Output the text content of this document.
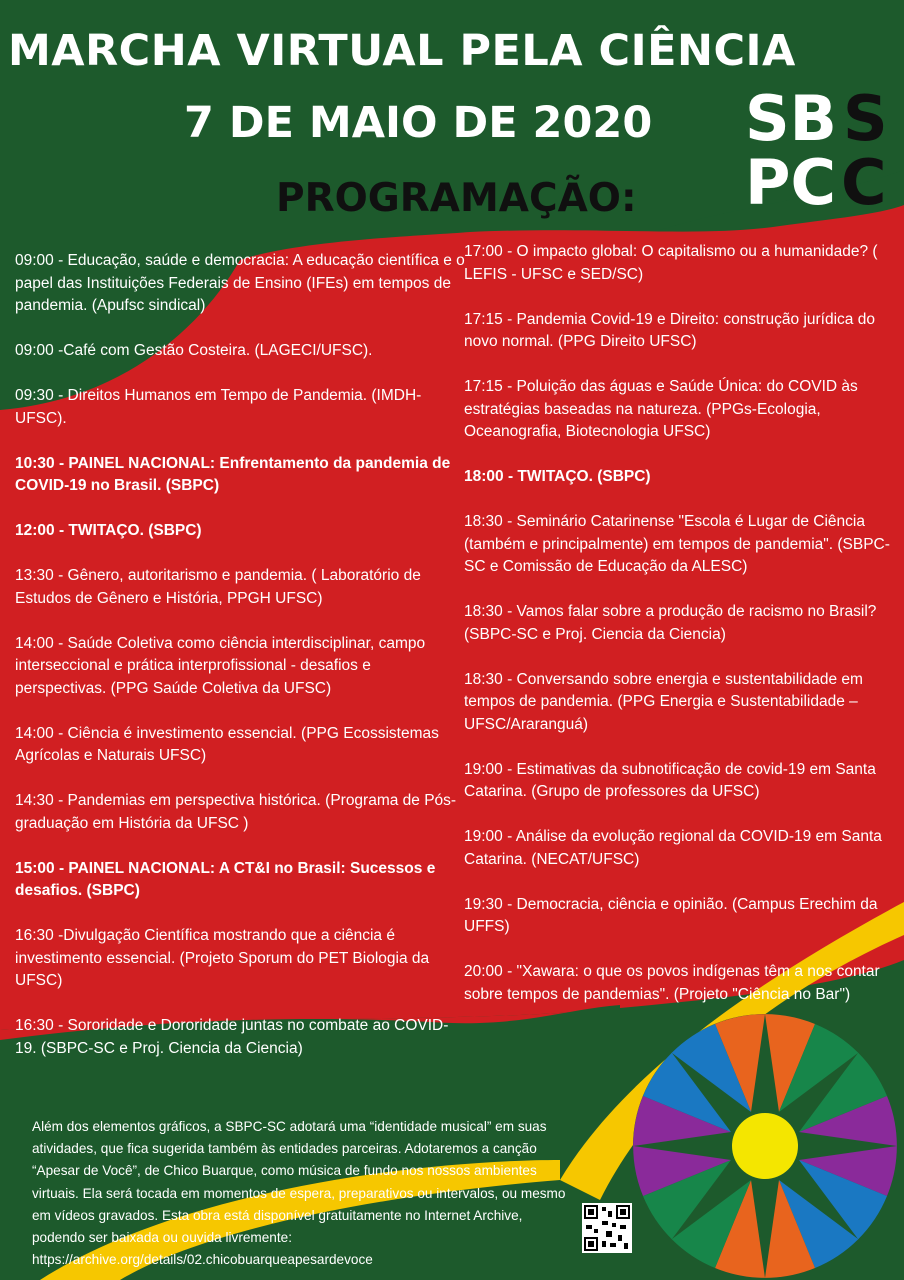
MARCHA VIRTUAL PELA CIÊNCIA
7 DE MAIO DE 2020
PROGRAMAÇÃO:
SB S
PC C

09:00 - Educação, saúde e democracia: A educação científica e o papel das Instituições Federais de Ensino (IFEs) em tempos de pandemia. (Apufsc sindical)

09:00 -Café com Gestão Costeira. (LAGECI/UFSC).

09:30 - Direitos Humanos em Tempo de Pandemia. (IMDH-UFSC).

10:30 - PAINEL NACIONAL: Enfrentamento da pandemia de COVID-19 no Brasil. (SBPC)

12:00 - TWITAÇO. (SBPC)

13:30 - Gênero, autoritarismo e pandemia. ( Laboratório de Estudos de Gênero e História, PPGH UFSC)

14:00 - Saúde Coletiva como ciência interdisciplinar, campo interseccional e prática interprofissional - desafios e perspectivas. (PPG Saúde Coletiva da UFSC)

14:00 - Ciência é investimento essencial. (PPG Ecossistemas Agrícolas e Naturais UFSC)

14:30 - Pandemias em perspectiva histórica. (Programa de Pós-graduação em História da UFSC )

15:00 - PAINEL NACIONAL: A CT&I no Brasil: Sucessos e desafios. (SBPC)

16:30 -Divulgação Científica mostrando que a ciência é investimento essencial. (Projeto Sporum do PET Biologia da UFSC)

16:30 - Sororidade e Dororidade juntas no combate ao COVID-19. (SBPC-SC e Proj. Ciencia da Ciencia)

17:00 - O impacto global: O capitalismo ou a humanidade? ( LEFIS - UFSC e SED/SC)

17:15 - Pandemia Covid-19 e Direito: construção jurídica do novo normal. (PPG Direito UFSC)

17:15 - Poluição das águas e Saúde Única: do COVID às estratégias baseadas na natureza. (PPGs-Ecologia, Oceanografia, Biotecnologia UFSC)

18:00 - TWITAÇO. (SBPC)

18:30 - Seminário Catarinense "Escola é Lugar de Ciência (também e principalmente) em tempos de pandemia". (SBPC-SC e Comissão de Educação da ALESC)

18:30 - Vamos falar sobre a produção de racismo no Brasil? (SBPC-SC e Proj. Ciencia da Ciencia)

18:30 - Conversando sobre energia e sustentabilidade em tempos de pandemia. (PPG Energia e Sustentabilidade – UFSC/Araranguá)

19:00 - Estimativas da subnotificação de covid-19 em Santa Catarina. (Grupo de professores da UFSC)

19:00 - Análise da evolução regional da COVID-19 em Santa Catarina. (NECAT/UFSC)

19:30 - Democracia, ciência e opinião. (Campus Erechim da UFFS)

20:00 - "Xawara: o que os povos indígenas têm a nos contar sobre tempos de pandemias". (Projeto "Ciência no Bar")

Além dos elementos gráficos, a SBPC-SC adotará uma “identidade musical” em suas atividades, que fica sugerida também às entidades parceiras. Adotaremos a canção “Apesar de Você”, de Chico Buarque, como música de fundo nos nossos ambientes virtuais. Ela será tocada em momentos de espera, preparativos ou intervalos, ou mesmo em vídeos gravados. Esta obra está disponível gratuitamente no Internet Archive, podendo ser baixada ou ouvida livremente: https://archive.org/details/02.chicobuarqueapesardevoce
